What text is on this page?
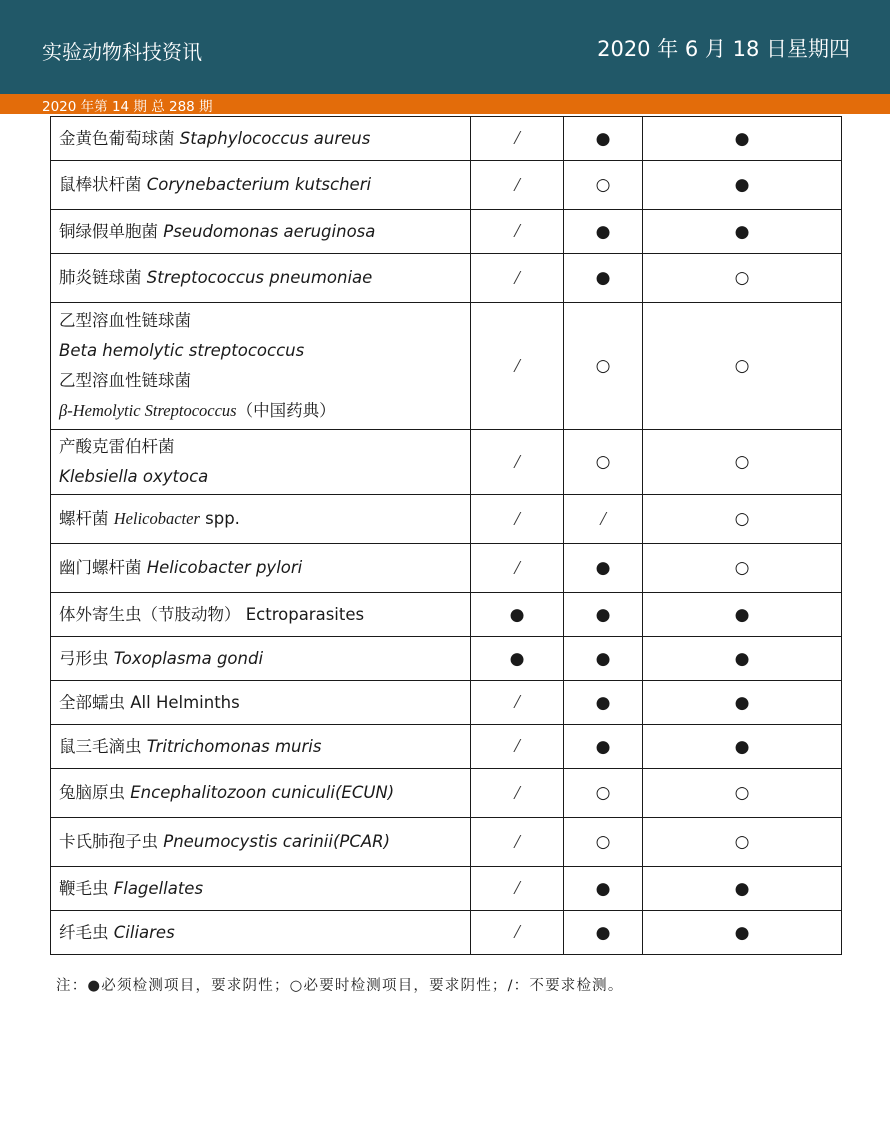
实验动物科技资讯	2020 年 6 月 18 日星期四
2020 年第 14 期 总 288 期
金黄色葡萄球菌 Staphylococcus aureus	/	●	●

鼠棒状杆菌 Corynebacterium kutscheri	/	○	●

铜绿假单胞菌 Pseudomonas aeruginosa	/	●	●

肺炎链球菌 Streptococcus pneumoniae	/	●	○

乙型溶血性链球菌
Beta hemolytic streptococcus
乙型溶血性链球菌
β-Hemolytic Streptococcus（中国药典）	/	○	○

产酸克雷伯杆菌
Klebsiella oxytoca	/	○	○

螺杆菌 Helicobacter spp.	/	/	○

幽门螺杆菌 Helicobacter pylori	/	●	○

体外寄生虫（节肢动物） Ectroparasites	●	●	●

弓形虫 Toxoplasma gondi	●	●	●

全部蠕虫 All Helminths	/	●	●

鼠三毛滴虫 Tritrichomonas muris	/	●	●

兔脑原虫 Encephalitozoon cuniculi(ECUN)	/	○	○

卡氏肺孢子虫 Pneumocystis carinii(PCAR)	/	○	○

鞭毛虫 Flagellates	/	●	●

纤毛虫 Ciliares	/	●	●
注：●必须检测项目，要求阴性；○必要时检测项目，要求阴性；/：不要求检测。
